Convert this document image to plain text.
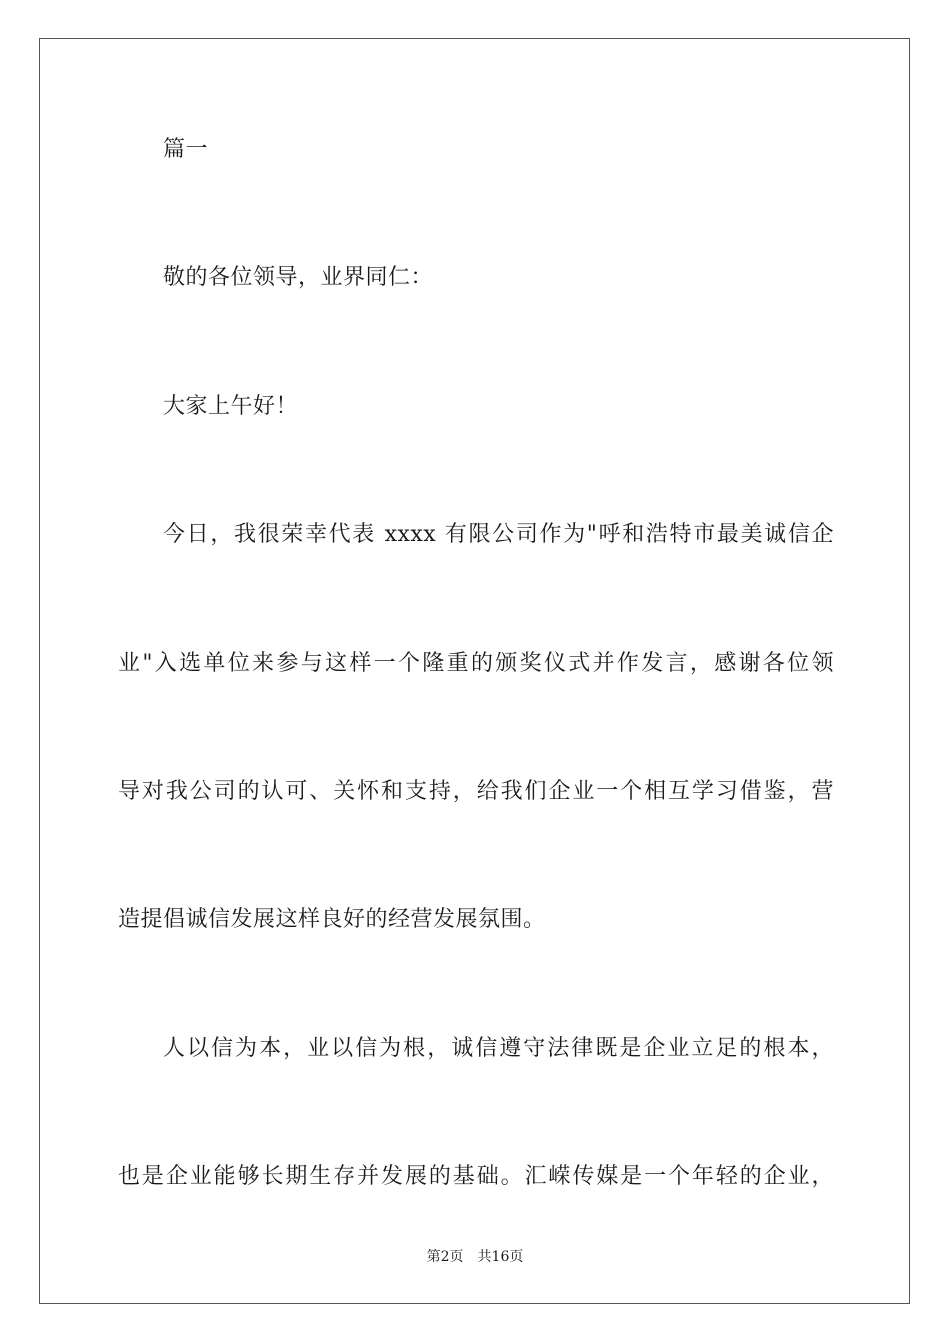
篇一
敬的各位领导，业界同仁：
大家上午好！
今日，我很荣幸代表 xxxx 有限公司作为"呼和浩特市最美诚信企
业"入选单位来参与这样一个隆重的颁奖仪式并作发言，感谢各位领
导对我公司的认可、关怀和支持，给我们企业一个相互学习借鉴，营
造提倡诚信发展这样良好的经营发展氛围。
人以信为本，业以信为根，诚信遵守法律既是企业立足的根本，
也是企业能够长期生存并发展的基础。汇嵘传媒是一个年轻的企业，
第2页 共16页
